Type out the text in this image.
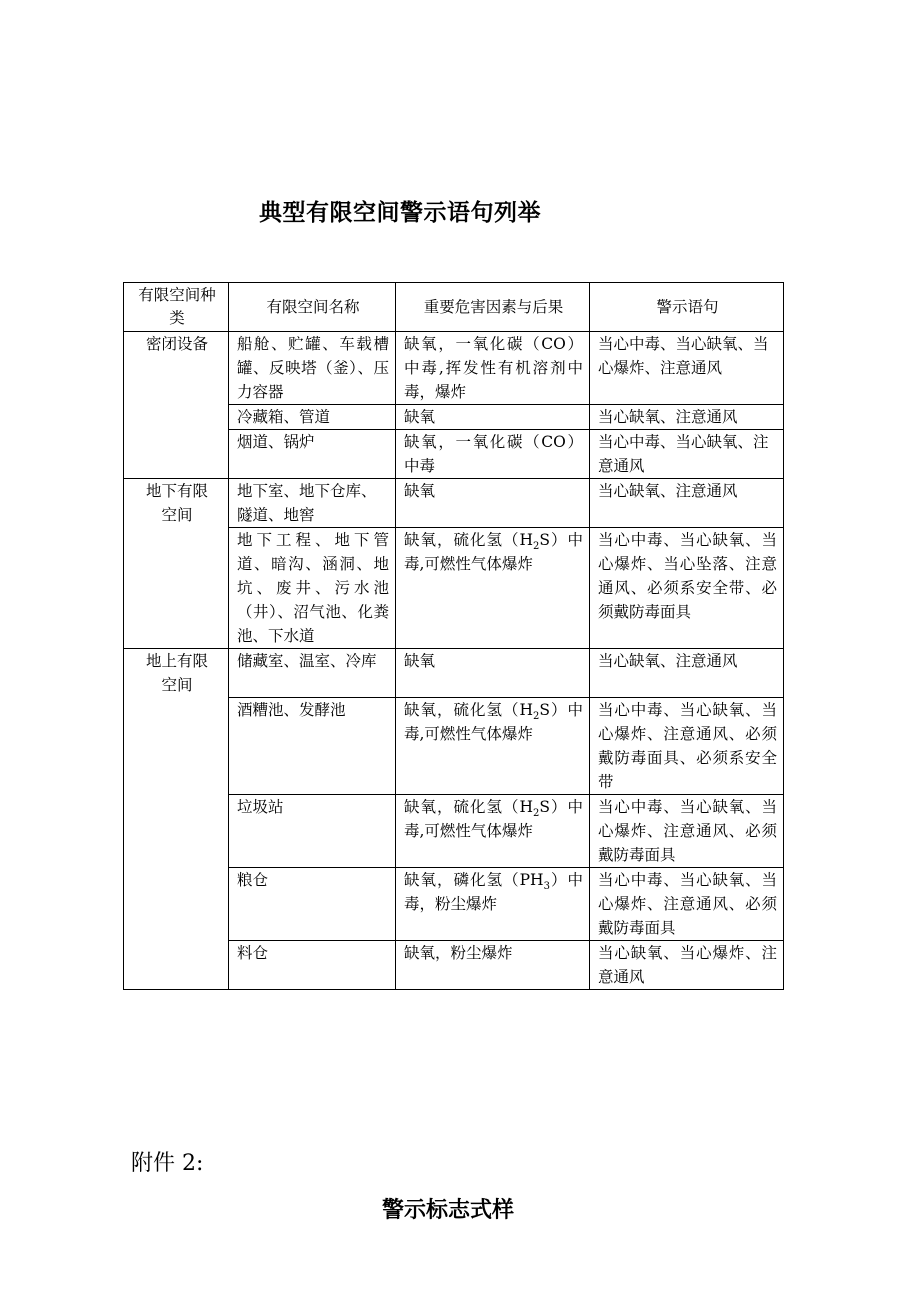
典型有限空间警示语句列举
有限空间种类	有限空间名称	重要危害因素与后果	警示语句
密闭设备	船舱、贮罐、车载槽罐、反映塔（釜）、压力容器	缺氧，一氧化碳（CO）中毒,挥发性有机溶剂中毒，爆炸	当心中毒、当心缺氧、当心爆炸、注意通风
	冷藏箱、管道	缺氧	当心缺氧、注意通风
	烟道、锅炉	缺氧，一氧化碳（CO）中毒	当心中毒、当心缺氧、注意通风
地下有限空间	地下室、地下仓库、隧道、地窖	缺氧	当心缺氧、注意通风
	地下工程、地下管道、暗沟、涵洞、地坑、废井、污水池（井）、沼气池、化粪池、下水道	缺氧，硫化氢$(H_2S)$中毒,可燃性气体爆炸	当心中毒、当心缺氧、当心爆炸、当心坠落、注意通风、必须系安全带、必须戴防毒面具
地上有限空间	储藏室、温室、冷库	缺氧	当心缺氧、注意通风
	酒糟池、发酵池	缺氧，硫化氢$(H_2S)$中毒,可燃性气体爆炸	当心中毒、当心缺氧、当心爆炸、注意通风、必须戴防毒面具、必须系安全带
	垃圾站	缺氧，硫化氢$(H_2S)$中毒,可燃性气体爆炸	当心中毒、当心缺氧、当心爆炸、注意通风、必须戴防毒面具
	粮仓	缺氧，磷化氢$(PH_3)$中毒，粉尘爆炸	当心中毒、当心缺氧、当心爆炸、注意通风、必须戴防毒面具
	料仓	缺氧，粉尘爆炸	当心缺氧、当心爆炸、注意通风

附件 2:

警示标志式样
